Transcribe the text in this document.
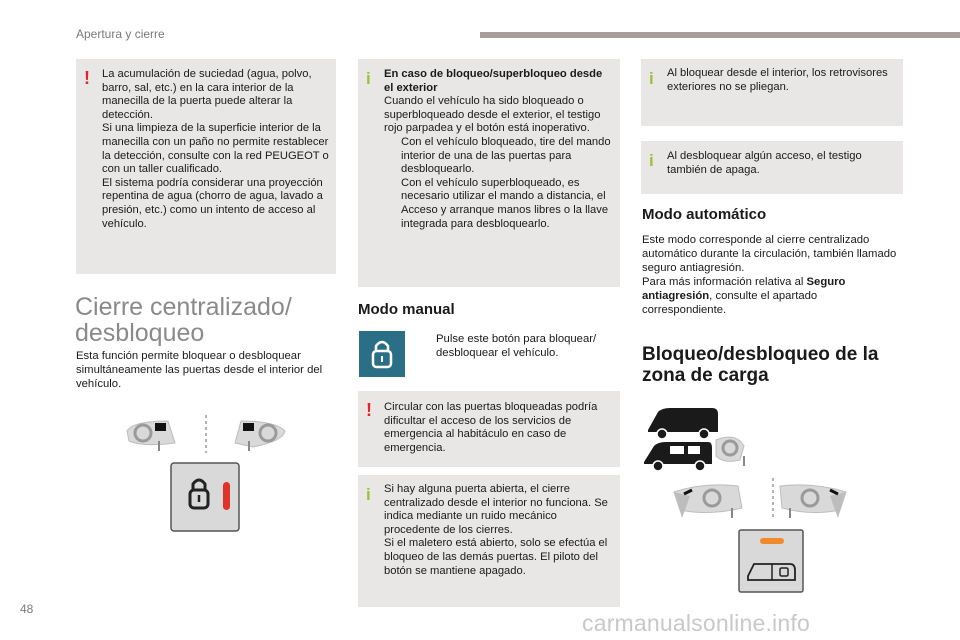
Apertura y cierre
! La acumulación de suciedad (agua, polvo, barro, sal, etc.) en la cara interior de la manecilla de la puerta puede alterar la detección.

Si una limpieza de la superficie interior de la manecilla con un paño no permite restablecer la detección, consulte con la red PEUGEOT o con un taller cualificado.

El sistema podría considerar una proyección repentina de agua (chorro de agua, lavado a presión, etc.) como un intento de acceso al vehículo.

Cierre centralizado/
desbloqueo

Esta función permite bloquear o desbloquear simultáneamente las puertas desde el interior del vehículo.

i En caso de bloqueo/superbloqueo desde el exterior

Cuando el vehículo ha sido bloqueado o superbloqueado desde el exterior, el testigo rojo parpadea y el botón está inoperativo.

Con el vehículo bloqueado, tire del mando interior de una de las puertas para desbloquearlo.
Con el vehículo superbloqueado, es necesario utilizar el mando a distancia, el Acceso y arranque manos libres o la llave integrada para desbloquearlo.
Modo manual
Pulse este botón para bloquear/ desbloquear el vehículo.
! Circular con las puertas bloqueadas podría dificultar el acceso de los servicios de emergencia al habitáculo en caso de emergencia.

i Si hay alguna puerta abierta, el cierre centralizado desde el interior no funciona. Se indica mediante un ruido mecánico procedente de los cierres.

Si el maletero está abierto, solo se efectúa el bloqueo de las demás puertas. El piloto del botón se mantiene apagado.

i Al bloquear desde el interior, los retrovisores exteriores no se pliegan.

i Al desbloquear algún acceso, el testigo también de apaga.

Modo automático

Este modo corresponde al cierre centralizado automático durante la circulación, también llamado seguro antiagresión.

Para más información relativa al Seguro antiagresión, consulte el apartado correspondiente.

Bloqueo/desbloqueo de la
zona de carga
48
carmanualsonline.info
